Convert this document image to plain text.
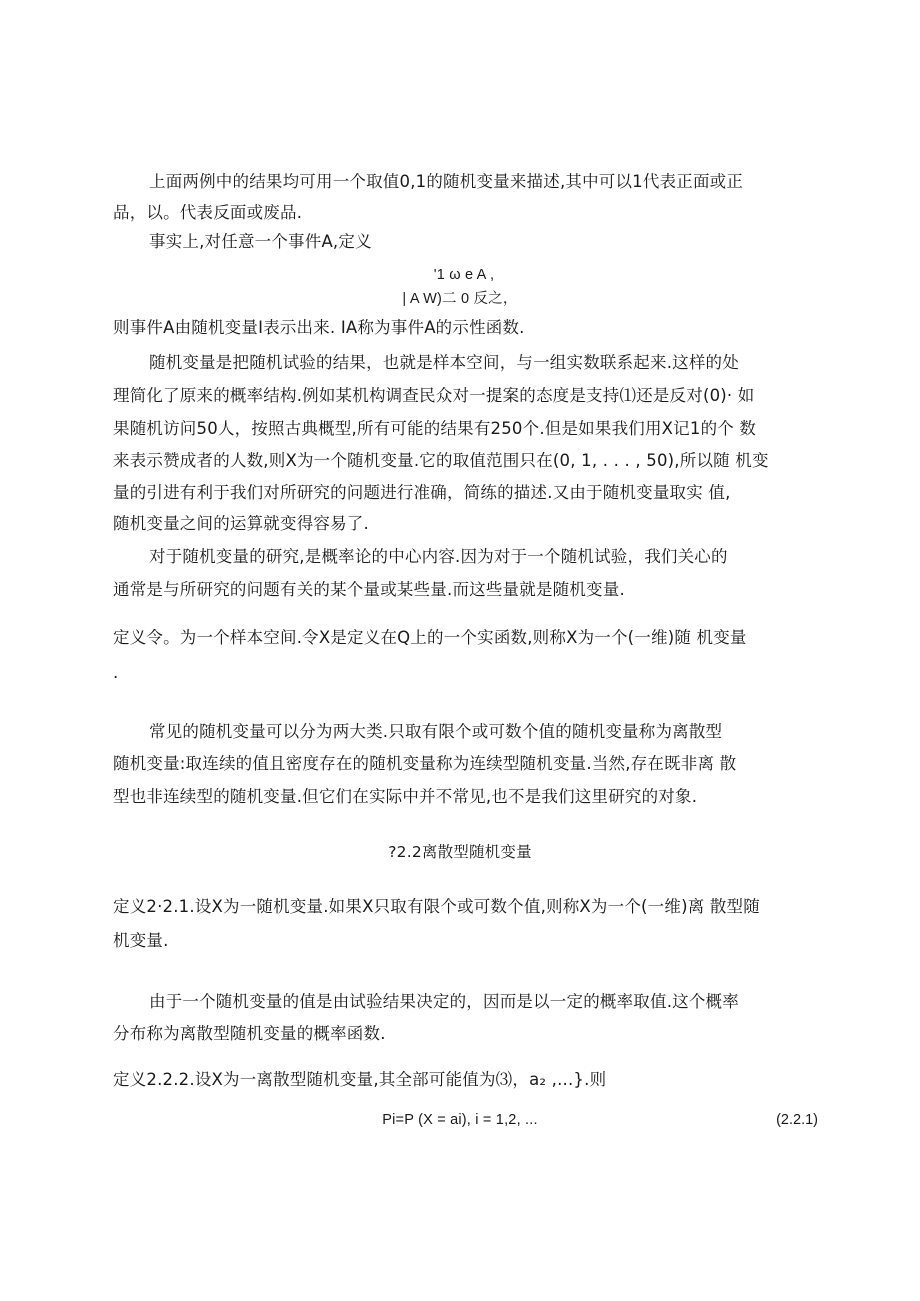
上面两例中的结果均可用一个取值0,1的随机变量来描述,其中可以1代表正面或正
品，以。代表反面或废品.
事实上,对任意一个事件A,定义
'1 ω e A ,
| A W)二 0 反之，
则事件A由随机变量I表示出来. IA称为事件A的示性函数.
随机变量是把随机试验的结果，也就是样本空间，与一组实数联系起来.这样的处
理简化了原来的概率结构.例如某机构调查民众对一提案的态度是支持⑴还是反对(0)· 如
果随机访问50人，按照古典概型,所有可能的结果有250个.但是如果我们用X记1的个 数
来表示赞成者的人数,则X为一个随机变量.它的取值范围只在(0, 1, . . . , 50),所以随 机变
量的引进有利于我们对所研究的问题进行准确，简练的描述.又由于随机变量取实 值,
随机变量之间的运算就变得容易了.
对于随机变量的研究,是概率论的中心内容.因为对于一个随机试验，我们关心的
通常是与所研究的问题有关的某个量或某些量.而这些量就是随机变量.
定义令。为一个样本空间.令X是定义在Q上的一个实函数,则称X为一个(一维)随 机变量
.
常见的随机变量可以分为两大类.只取有限个或可数个值的随机变量称为离散型
随机变量:取连续的值且密度存在的随机变量称为连续型随机变量.当然,存在既非离 散
型也非连续型的随机变量.但它们在实际中并不常见,也不是我们这里研究的对象.
?2.2离散型随机变量
定义2·2.1.设X为一随机变量.如果X只取有限个或可数个值,则称X为一个(一维)离 散型随
机变量.
由于一个随机变量的值是由试验结果决定的，因而是以一定的概率取值.这个概率
分布称为离散型随机变量的概率函数.
定义2.2.2.设X为一离散型随机变量,其全部可能值为⑶，a₂ ,...}.则
Pi=P (X = ai), i = 1,2, ...	(2.2.1)
